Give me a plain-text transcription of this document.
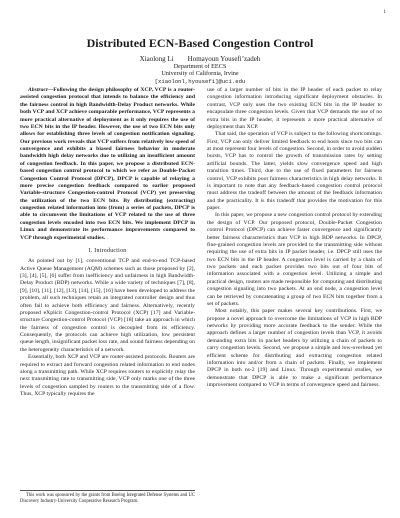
1
Distributed ECN-Based Congestion Control
Xiaolong Li        Homayoun Yousefi’zadeh
Department of EECS
University of California, Irvine
[xiaolonl,hyousefi]@uci.edu

Abstract—Following the design philosophy of XCP, VCP is a router-assisted congestion protocol that intends to balance the efficiency and the fairness control in high Bandwidth-Delay Product networks. While both VCP and XCP achieve comparable performance, VCP represents a more practical alternative of deployment as it only requires the use of two ECN bits in the IP header. However, the use of two ECN bits only allows for establishing three levels of congestion notification signaling. Our previous work reveals that VCP suffers from relatively low speed of convergence and exhibits a biased fairness behavior in moderate bandwidth high delay networks due to utilizing an insufficient amount of congestion feedback. In this paper, we propose a distributed ECN-based congestion control protocol to which we refer as Double-Packet Congestion Control Protocol (DPCP), DPCP is capable of relaying a more precise congestion feedback compared to earlier proposed Variable-structure Congestion-control Protocol (VCP) yet preserving the utilization of the two ECN bits. By distributing (extracting) congestion related information into (from) a series of packets, DPCP is able to circumvent the limitations of VCP related to the use of three congestion levels encoded into two ECN bits. We implement DPCP in Linux and demonstrate its performance improvements compared to VCP through experimental studies.

I. Introduction

As pointed out by [1], conventional TCP and end-to-end TCP-based Active Queue Management (AQM) schemes such as those proposed by [2], [3], [4], [5], [6] suffer from inefficiency and unfairness in high Bandwidth-Delay Product (BDP) networks. While a wide variety of techniques [7], [8], [9], [10], [11], [12], [13], [14], [15], [16] have been developed to address the problem, all such techniques retain an integrated controller design and thus often fail to achieve both efficiency and fairness. Alternatively, recently proposed eXplicit Congestion-control Protocol (XCP) [17] and Variable-structure Congestion-control Protocol (VCP) [18] take an approach in which the fairness of congestion control is decoupled from its efficiency. Consequently, the protocols can achieve high utilization, low persistent queue length, insignificant packet loss rate, and sound fairness depending on the heterogeneity characteristics of a network.

Essentially, both XCP and VCP are router-assisted protocols. Routers are required to extract and forward congestion related information to end nodes along a transmitting path. While XCP requires routers to explicitly relay the next transmitting rate to transmitting side, VCP only marks one of the three levels of congestion sampled by routers to the transmitting side of a flow. Thus, XCP typically requires the

use of a larger number of bits in the IP header of each packet to relay congestion information introducing significant deployment obstacles. In contrast, VCP only uses the two existing ECN bits in the IP header to encapsulate three congestion levels. Given that VCP demands the use of no extra bits in the IP header, it represents a more practical alternative of deployment than XCP.

That said, the operation of VCP is subject to the following shortcomings. First, VCP can only deliver limited feedback to end hosts since two bits can at most represent four levels of congestion. Second, in order to avoid sudden bursts, VCP has to control the growth of transmission rates by setting artificial bounds. The latter, yields slow convergence speed and high transition times. Third, due to the use of fixed parameters for fairness control, VCP exhibits poor fairness characteristics in high delay networks. It is important to note that any feedback-based congestion control protocol must address the tradeoff between the amount of the feedback information and the practicality. It is this tradeoff that provides the motivation for this paper.

In this paper, we propose a new congestion control protocol by extending the design of VCP. Our proposed protocol, Double-Packet Congestion control Protocol (DPCP) can achieve faster convergence and significantly better fairness characteristics than VCP in high BDP networks. In DPCP, fine-grained congestion levels are provided to the transmitting side without requiring the use of extra bits in IP packet header, i.e. DPCP still uses the two ECN bits in the IP header. A congestion level is carried by a chain of two packets and each packet provides two bits out of four bits of information associated with a congestion level. Utilizing a simple and practical design, routers are made responsible for computing and distributing congestion signaling into two packets. At an end node, a congestion level can be retrieved by concatenating a group of two ECN bits together from a set of packets.

Most notably, this paper makes several key contributions. First, we propose a novel approach to overcome the limitations of VCP in high BDP networks by providing more accurate feedback to the sender. While the approach defines a larger number of congestion levels than VCP, it avoids demanding extra bits in packet headers by utilizing a chain of packets to carry congestion levels. Second, we propose a simple and low-overhead yet efficient scheme for distributing and extracting congestion related information into and/or from a chain of packets. Finally, we implement DPCP in both ns-2 [19] and Linux. Through experimental studies, we demonstrate that DPCP is able to make a significant performance improvement compared to VCP in terms of convergence speed and fairness.

This work was sponsored by the grants from Boeing Integrated Defense Systems and UC Discovery Industry-University Cooperative Research Program.
